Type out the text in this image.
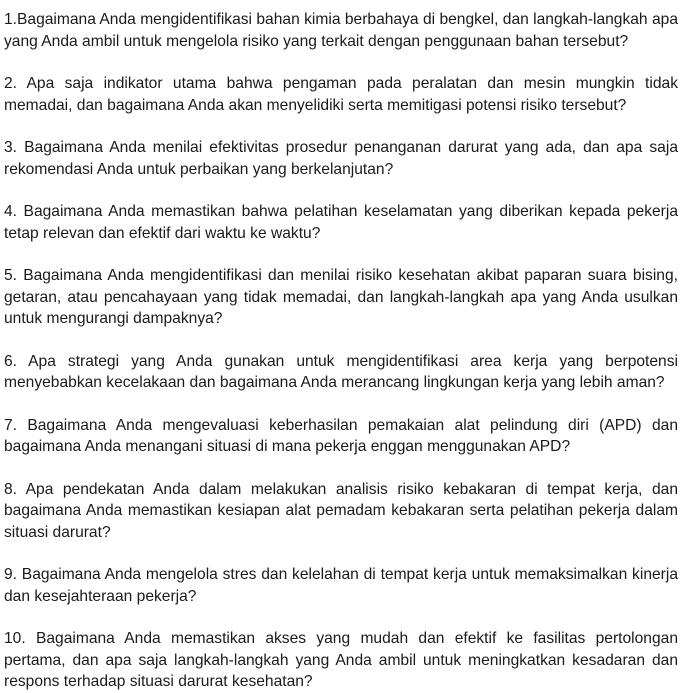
1.Bagaimana Anda mengidentifikasi bahan kimia berbahaya di bengkel, dan langkah-langkah apa yang Anda ambil untuk mengelola risiko yang terkait dengan penggunaan bahan tersebut?

2. Apa saja indikator utama bahwa pengaman pada peralatan dan mesin mungkin tidak memadai, dan bagaimana Anda akan menyelidiki serta memitigasi potensi risiko tersebut?

3. Bagaimana Anda menilai efektivitas prosedur penanganan darurat yang ada, dan apa saja rekomendasi Anda untuk perbaikan yang berkelanjutan?

4. Bagaimana Anda memastikan bahwa pelatihan keselamatan yang diberikan kepada pekerja tetap relevan dan efektif dari waktu ke waktu?

5. Bagaimana Anda mengidentifikasi dan menilai risiko kesehatan akibat paparan suara bising, getaran, atau pencahayaan yang tidak memadai, dan langkah-langkah apa yang Anda usulkan untuk mengurangi dampaknya?

6. Apa strategi yang Anda gunakan untuk mengidentifikasi area kerja yang berpotensi menyebabkan kecelakaan dan bagaimana Anda merancang lingkungan kerja yang lebih aman?

7. Bagaimana Anda mengevaluasi keberhasilan pemakaian alat pelindung diri (APD) dan bagaimana Anda menangani situasi di mana pekerja enggan menggunakan APD?

8. Apa pendekatan Anda dalam melakukan analisis risiko kebakaran di tempat kerja, dan bagaimana Anda memastikan kesiapan alat pemadam kebakaran serta pelatihan pekerja dalam situasi darurat?

9. Bagaimana Anda mengelola stres dan kelelahan di tempat kerja untuk memaksimalkan kinerja dan kesejahteraan pekerja?

10. Bagaimana Anda memastikan akses yang mudah dan efektif ke fasilitas pertolongan pertama, dan apa saja langkah-langkah yang Anda ambil untuk meningkatkan kesadaran dan respons terhadap situasi darurat kesehatan?
